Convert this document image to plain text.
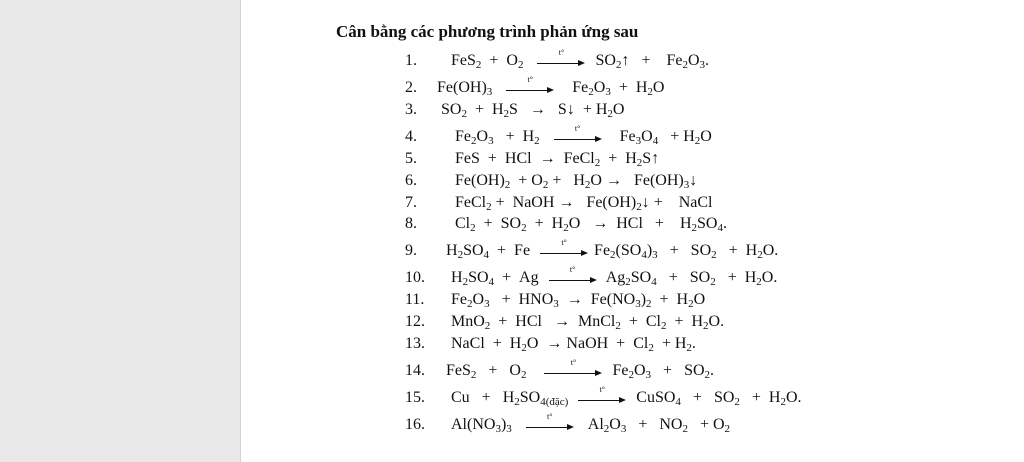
Cân bằng các phương trình phản ứng sau
1. $FeS_2 + O_2$
t°	$SO_2↑$   +    $Fe_2O_3$.
2. $Fe(OH)_3$
t°	$Fe_2O_3 + H_2O$
3. $SO_2 + H_2S$   →   S↓  + $H_2O$
4. $Fe_2O_3 + H_2$
t°	$Fe_3O_4 + H_2O$
5. FeS  +  HCl  →  FeCl$_2$  +  $H_2S↑$
6. $Fe(OH)_2 + O_2 + H_2O$ →   $Fe(OH)_3↓$
7. FeCl$_2$ +  NaOH →   $Fe(OH)_2↓$ +    NaCl
8. $Cl_2 + SO_2 + H_2O$   →  HCl   +    $H_2SO_4$.
9. $H_2SO_4 + Fe$	t°	$Fe_2(SO_4)_3 + SO_2 + H_2O$.
10. $H_2SO_4 + Ag$	t°	$Ag_2SO_4 + SO_2 + H_2O$.
11. $Fe_2O_3 + HNO_3 \to Fe(NO_3)_2 + H_2O$
12. MnO$_2$  +  HCl   →  MnCl$_2$  +  $Cl_2 + H_2O$.
13. NaCl  +  $H_2O$  → NaOH  +  $Cl_2 + H_2$.
14. $FeS_2 + O_2$
t°	$Fe_2O_3 + SO_2$.
15. $Cu + H_2SO_{4(đặc)}$
t°	CuSO$_4$   +   $SO_2 + H_2O$.
16. $Al(NO_3)_3$
t°	$Al_2O_3 + NO_2 + O_2$
